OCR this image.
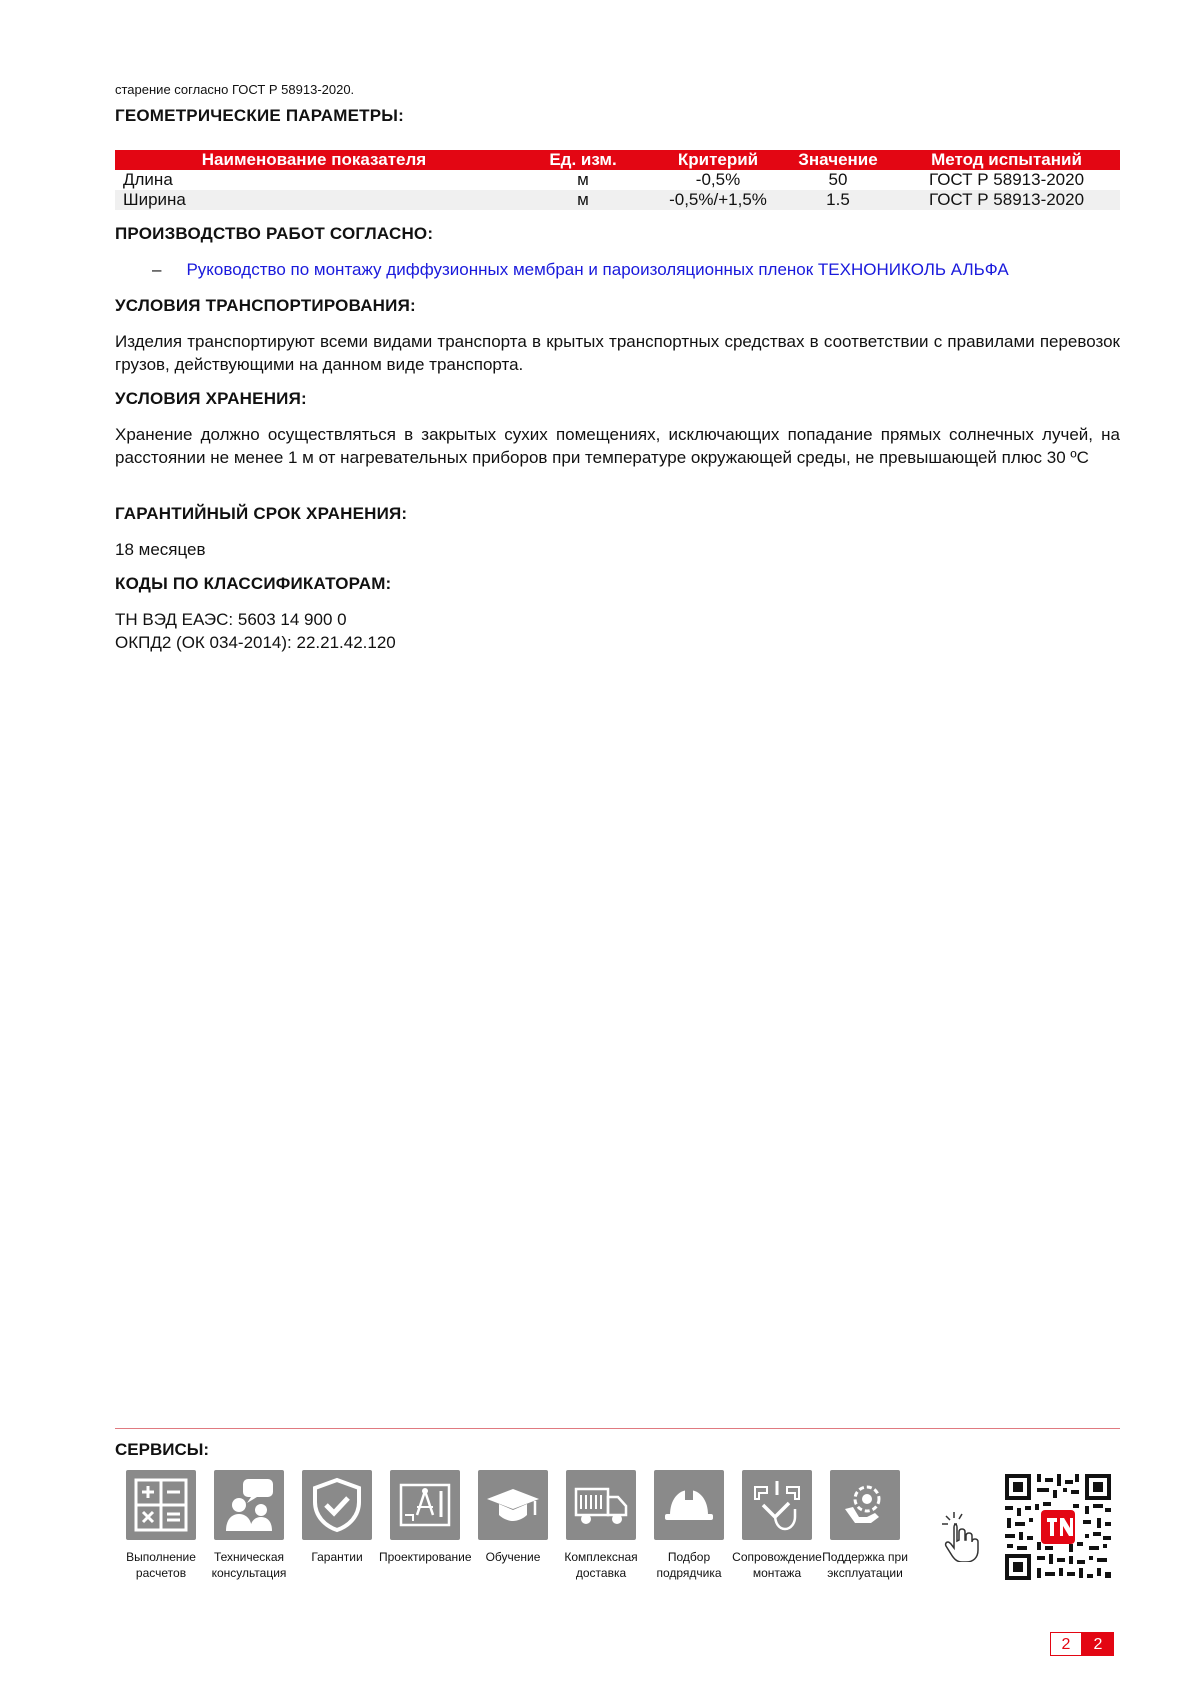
старение согласно ГОСТ Р 58913-2020.
ГЕОМЕТРИЧЕСКИЕ ПАРАМЕТРЫ:
Наименование показателя	Ед. изм.	Критерий	Значение	Метод испытаний
Длина	м	-0,5%	50	ГОСТ Р 58913-2020
Ширина	м	-0,5%/+1,5%	1.5	ГОСТ Р 58913-2020
ПРОИЗВОДСТВО РАБОТ СОГЛАСНО:
– Руководство по монтажу диффузионных мембран и пароизоляционных пленок ТЕХНОНИКОЛЬ АЛЬФА
УСЛОВИЯ ТРАНСПОРТИРОВАНИЯ:
Изделия транспортируют всеми видами транспорта в крытых транспортных средствах в соответствии с правилами перевозок грузов, действующими на данном виде транспорта.
УСЛОВИЯ ХРАНЕНИЯ:
Хранение должно осуществляться в закрытых сухих помещениях, исключающих попадание прямых солнечных лучей, на расстоянии не менее 1 м от нагревательных приборов при температуре окружающей среды, не превышающей плюс 30 ºС
ГАРАНТИЙНЫЙ СРОК ХРАНЕНИЯ:
18 месяцев
КОДЫ ПО КЛАССИФИКАТОРАМ:
ТН ВЭД ЕАЭС: 5603 14 900 0
ОКПД2 (ОК 034-2014): 22.21.42.120
СЕРВИСЫ:
Выполнение
расчетов
Техническая
консультация
Гарантии	Проектирование	Обучение	Комплексная
доставка
Подбор
подрядчика
Сопровождение
монтажа
Поддержка при
эксплуатации
2	2
